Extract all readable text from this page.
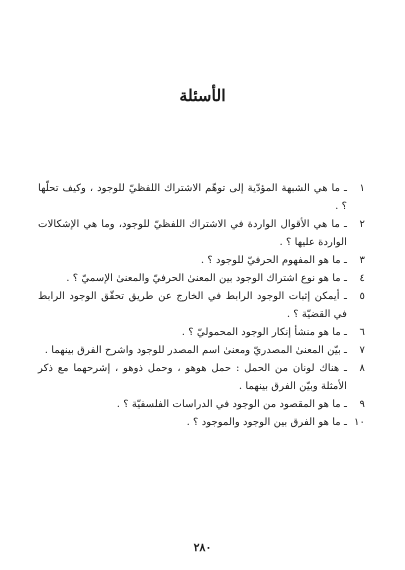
الأسئلة
١
ـ ما هي الشبهة المؤدّية إلى توهّم الاشتراك اللفظيّ للوجود ، وكيف تحلّها ؟ .
٢
ـ ما هي الأقوال الواردة في الاشتراك اللفظيّ للوجود، وما هي الإشكالات الواردة عليها ؟ .
٣
ـ ما هو المفهوم الحرفيّ للوجود ؟ .
٤
ـ ما هو نوع اشتراك الوجود بين المعنىٰ الحرفيّ والمعنىٰ الإسميّ ؟ .
٥
ـ أيمكن إثبات الوجود الرابط في الخارج عن طريق تحقّق الوجود الرابط في القضيّة ؟ .
٦
ـ ما هو منشأ إنكار الوجود المحموليّ ؟ .
٧
ـ بيّن المعنىٰ المصدريّ ومعنىٰ اسم المصدر للوجود واشرح الفرق بينهما .
٨
ـ هناك لونان من الحمل : حمل هوهو ، وحمل ذوهو ، إشرحهما مع ذكر الأمثلة وبيّن الفرق بينهما .
٩
ـ ما هو المقصود من الوجود في الدراسات الفلسفيّة ؟ .
١٠
ـ ما هو الفرق بين الوجود والموجود ؟ .
٢٨٠
